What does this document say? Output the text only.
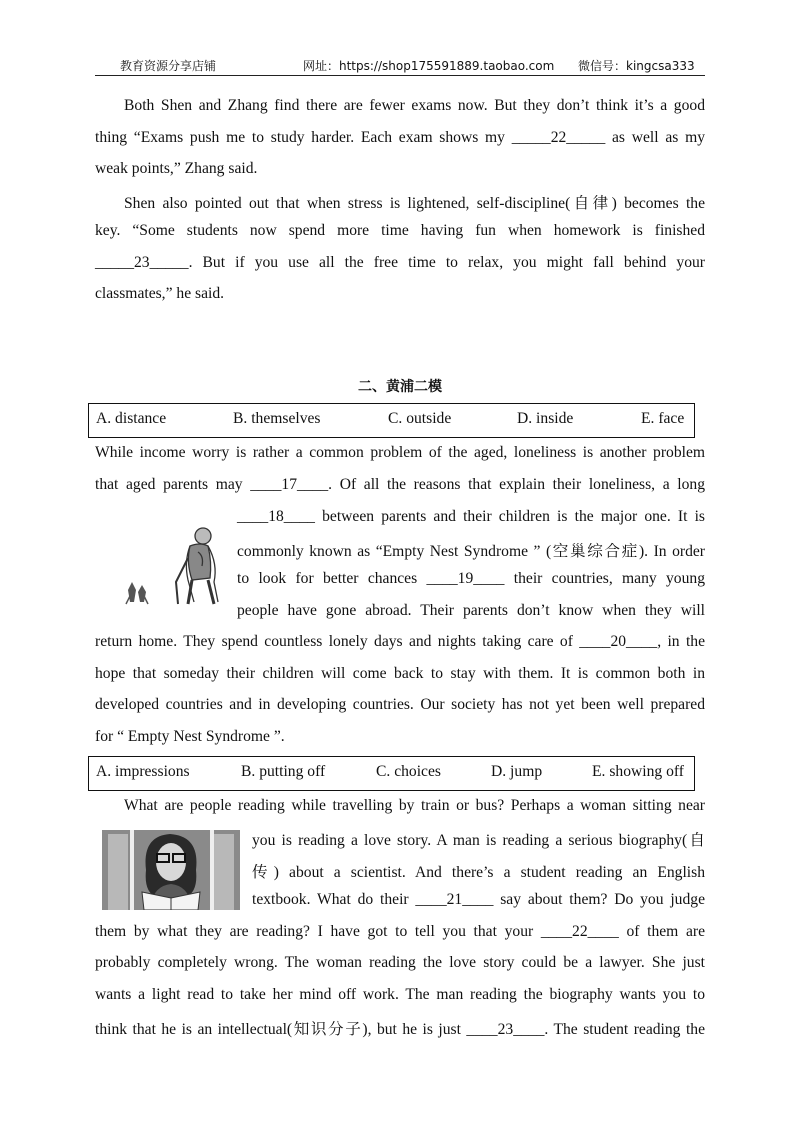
教育资源分享店铺	网址：https://shop175591889.taobao.com 微信号：kingcsa333
Both Shen and Zhang find there are fewer exams now. But they don’t think it’s a good
thing “Exams push me to study harder. Each exam shows my _____22_____ as well as my
weak points,” Zhang said.
Shen also pointed out that when stress is lightened, self-discipline(自律) becomes the
key. “Some students now spend more time having fun when homework is finished
_____23_____. But if you use all the free time to relax, you might fall behind your
classmates,” he said.
二、黄浦二模
A. distance	B. themselves	C. outside	D. inside	E. face
While income worry is rather a common problem of the aged, loneliness is another problem
that aged parents may ____17____. Of all the reasons that explain their loneliness, a long
____18____ between parents and their children is the major one. It is
commonly known as “Empty Nest Syndrome ” (空巢综合症). In order
to look for better chances ____19____ their countries, many young
people have gone abroad. Their parents don’t know when they will
return home. They spend countless lonely days and nights taking care of ____20____, in the
hope that someday their children will come back to stay with them. It is common both in
developed countries and in developing countries. Our society has not yet been well prepared
for “ Empty Nest Syndrome ”.
A. impressions	B. putting off	C. choices	D. jump	E. showing off
What are people reading while travelling by train or bus? Perhaps a woman sitting near
you is reading a love story. A man is reading a serious biography(自
传) about a scientist. And there’s a student reading an English
textbook. What do their ____21____ say about them? Do you judge
them by what they are reading? I have got to tell you that your ____22____ of them are
probably completely wrong. The woman reading the love story could be a lawyer. She just
wants a light read to take her mind off work. The man reading the biography wants you to
think that he is an intellectual(知识分子), but he is just ____23____. The student reading the
